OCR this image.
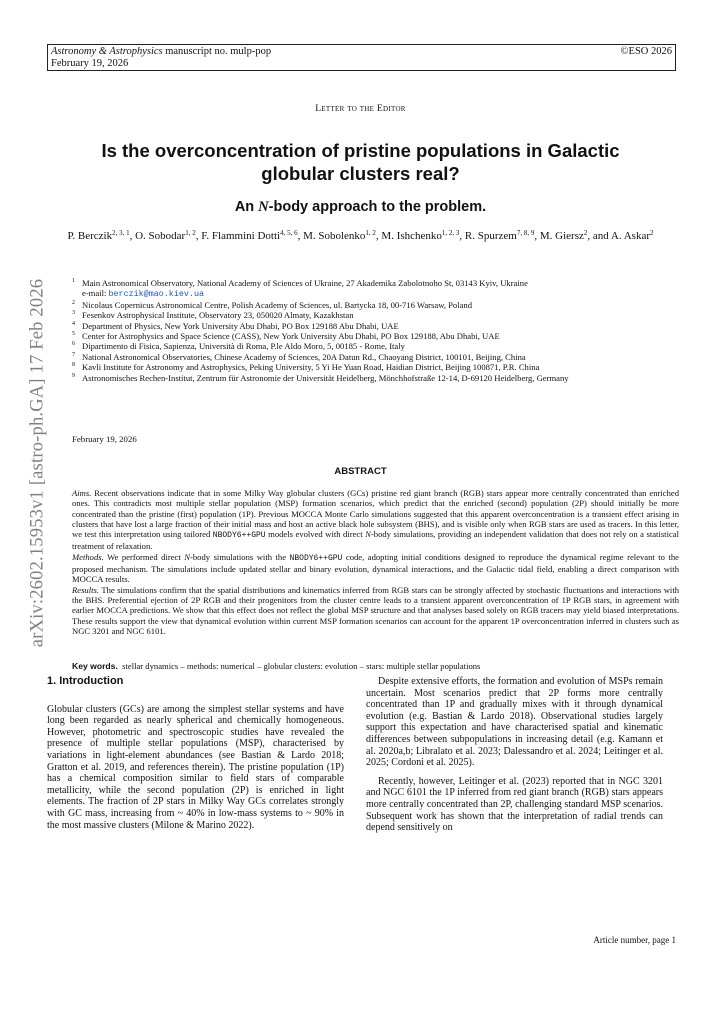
Astronomy & Astrophysics manuscript no. mulp-pop
February 19, 2026
©ESO 2026
arXiv:2602.15953v1 [astro-ph.GA] 17 Feb 2026
Letter to the Editor
Is the overconcentration of pristine populations in Galactic globular clusters real?
An N-body approach to the problem.
P. Berczik$^{2, 3, 1}$, O. Sobodar$^{1, 2}$, F. Flammini Dotti$^{4, 5, 6}$, M. Sobolenko$^{1, 2}$, M. Ishchenko$^{1, 2, 3}$, R. Spurzem$^{7, 8, 9}$, M. Giersz$^2$, and A. Askar$^2$
1 Main Astronomical Observatory, National Academy of Sciences of Ukraine, 27 Akademika Zabolotnoho St, 03143 Kyiv, Ukraine
e-mail: berczik@mao.kiev.ua
2 Nicolaus Copernicus Astronomical Centre, Polish Academy of Sciences, ul. Bartycka 18, 00-716 Warsaw, Poland
3 Fesenkov Astrophysical Institute, Observatory 23, 050020 Almaty, Kazakhstan
4 Department of Physics, New York University Abu Dhabi, PO Box 129188 Abu Dhabi, UAE
5 Center for Astrophysics and Space Science (CASS), New York University Abu Dhabi, PO Box 129188, Abu Dhabi, UAE
6 Dipartimento di Fisica, Sapienza, Università di Roma, P.le Aldo Moro, 5, 00185 - Rome, Italy
7 National Astronomical Observatories, Chinese Academy of Sciences, 20A Datun Rd., Chaoyang District, 100101, Beijing, China
8 Kavli Institute for Astronomy and Astrophysics, Peking University, 5 Yi He Yuan Road, Haidian District, Beijing 100871, P.R. China
9 Astronomisches Rechen-Institut, Zentrum für Astronomie der Universität Heidelberg, Mönchhofstraße 12-14, D-69120 Heidelberg, Germany
February 19, 2026
ABSTRACT

Aims. Recent observations indicate that in some Milky Way globular clusters (GCs) pristine red giant branch (RGB) stars appear more centrally concentrated than enriched ones. This contradicts most multiple stellar population (MSP) formation scenarios, which predict that the enriched (second) population (2P) should initially be more concentrated than the pristine (first) population (1P). Previous MOCCA Monte Carlo simulations suggested that this apparent overconcentration is a transient effect arising in clusters that have lost a large fraction of their initial mass and host an active black hole subsystem (BHS), and is visible only when RGB stars are used as tracers. In this letter, we test this interpretation using tailored NBODY6++GPU models evolved with direct N-body simulations, providing an independent validation that does not rely on a statistical treatment of relaxation.

Methods. We performed direct N-body simulations with the NBODY6++GPU code, adopting initial conditions designed to reproduce the dynamical regime relevant to the proposed mechanism. The simulations include updated stellar and binary evolution, dynamical interactions, and the Galactic tidal field, enabling a direct comparison with MOCCA results.

Results. The simulations confirm that the spatial distributions and kinematics inferred from RGB stars can be strongly affected by stochastic fluctuations and interactions with the BHS. Preferential ejection of 2P RGB and their progenitors from the cluster centre leads to a transient apparent overconcentration of 1P RGB stars, in agreement with earlier MOCCA predictions. We show that this effect does not reflect the global MSP structure and that analyses based solely on RGB tracers may yield biased interpretations. These results support the view that dynamical evolution within current MSP formation scenarios can account for the apparent 1P overconcentration inferred in clusters such as NGC 3201 and NGC 6101.

Key words. stellar dynamics – methods: numerical – globular clusters: evolution – stars: multiple stellar populations
1. Introduction

Globular clusters (GCs) are among the simplest stellar systems and have long been regarded as nearly spherical and chemically homogeneous. However, photometric and spectroscopic studies have revealed the presence of multiple stellar populations (MSP), characterised by variations in light-element abundances (see Bastian & Lardo 2018; Gratton et al. 2019, and references therein). The pristine population (1P) has a chemical composition similar to field stars of comparable metallicity, while the second population (2P) is enriched in light elements. The fraction of 2P stars in Milky Way GCs correlates strongly with GC mass, increasing from ~ 40% in low-mass systems to ~ 90% in the most massive clusters (Milone & Marino 2022).

Despite extensive efforts, the formation and evolution of MSPs remain uncertain. Most scenarios predict that 2P forms more centrally concentrated than 1P and gradually mixes with it through dynamical evolution (e.g. Bastian & Lardo 2018). Observational studies largely support this expectation and have characterised spatial and kinematic differences between subpopulations in increasing detail (e.g. Kamann et al. 2020a,b; Libralato et al. 2023; Dalessandro et al. 2024; Leitinger et al. 2025; Cordoni et al. 2025).

Recently, however, Leitinger et al. (2023) reported that in NGC 3201 and NGC 6101 the 1P inferred from red giant branch (RGB) stars appears more centrally concentrated than 2P, challenging standard MSP scenarios. Subsequent work has shown that the interpretation of radial trends can depend sensitively on

Article number, page 1
